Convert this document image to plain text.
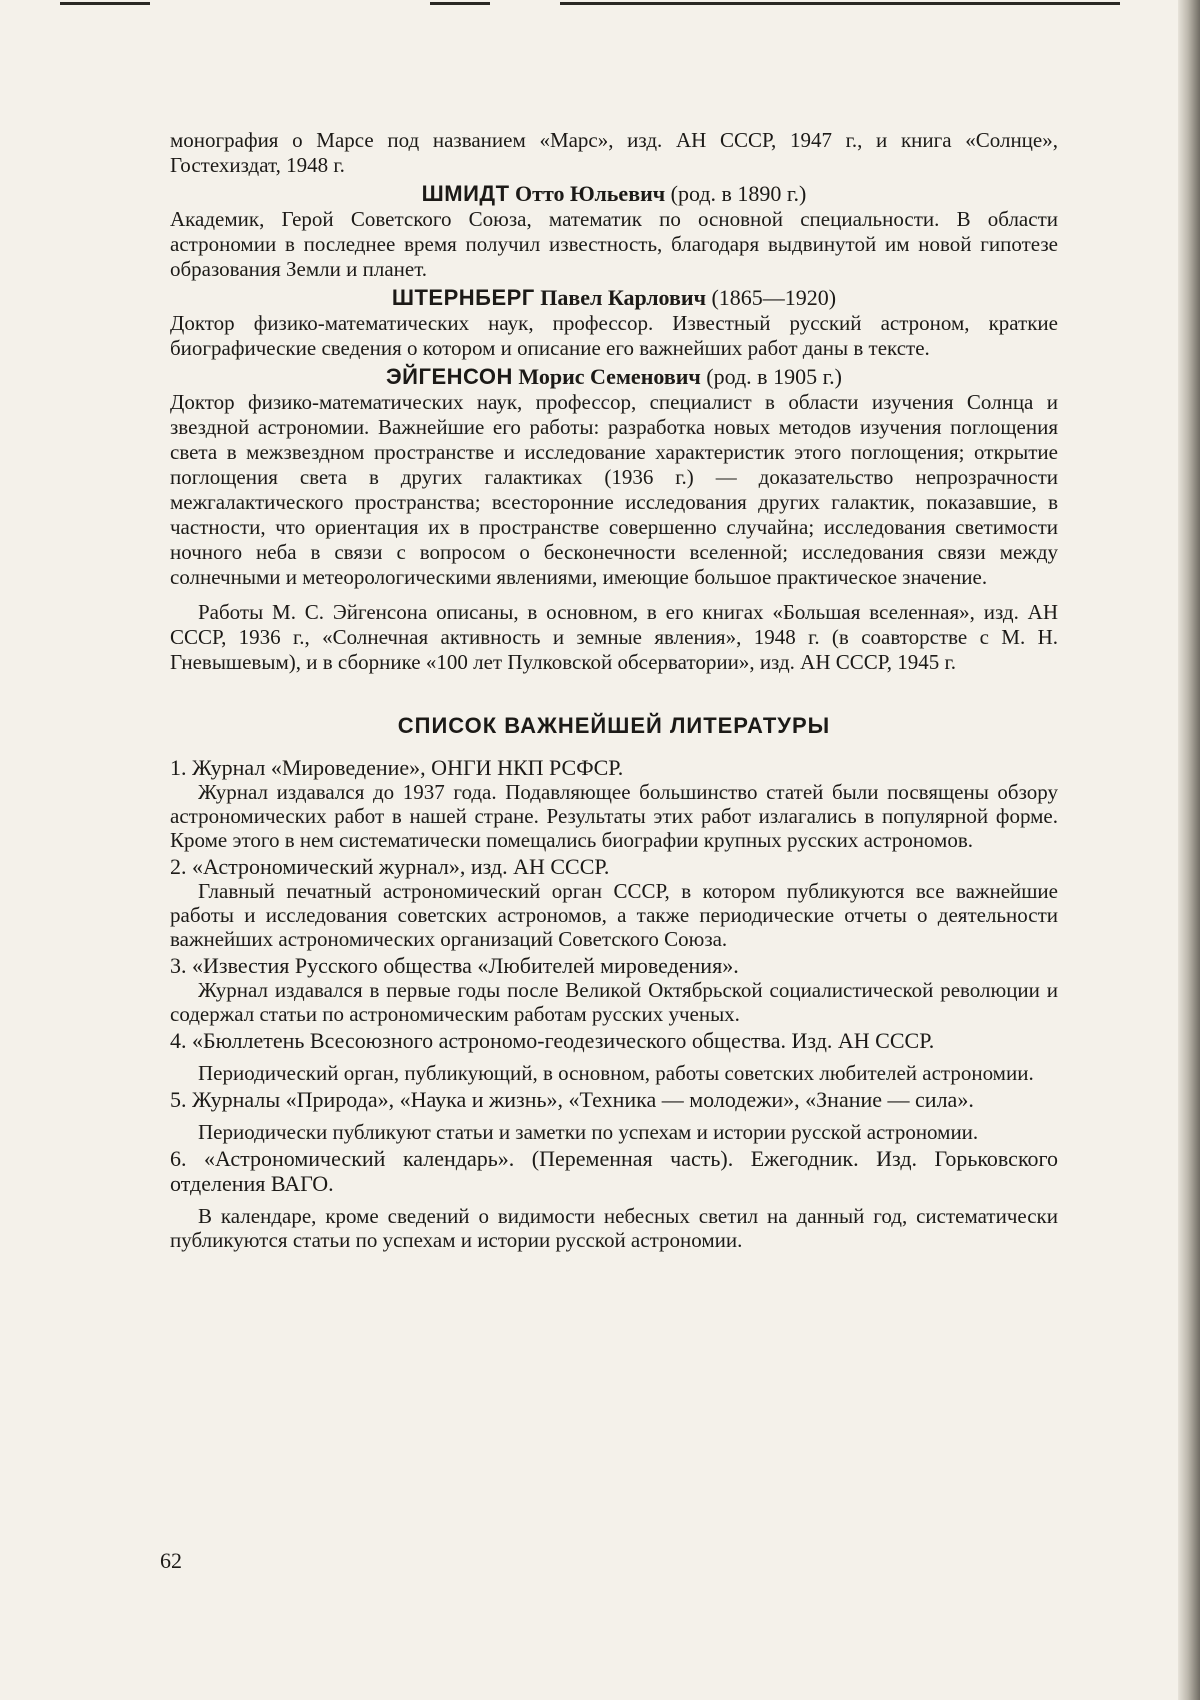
монография о Марсе под названием «Марс», изд. АН СССР, 1947 г., и книга «Солнце», Гостехиздат, 1948 г.

ШМИДТ Отто Юльевич (род. в 1890 г.)

Академик, Герой Советского Союза, математик по основной специальности. В области астрономии в последнее время получил известность, благодаря выдвинутой им новой гипотезе образования Земли и планет.

ШТЕРНБЕРГ Павел Карлович (1865—1920)

Доктор физико-математических наук, профессор. Известный русский астроном, краткие биографические сведения о котором и описание его важнейших работ даны в тексте.

ЭЙГЕНСОН Морис Семенович (род. в 1905 г.)

Доктор физико-математических наук, профессор, специалист в области изучения Солнца и звездной астрономии. Важнейшие его работы: разработка новых методов изучения поглощения света в межзвездном пространстве и исследование характеристик этого поглощения; открытие поглощения света в других галактиках (1936 г.) — доказательство непрозрачности межгалактического пространства; всесторонние исследования других галактик, показавшие, в частности, что ориентация их в пространстве совершенно случайна; исследования светимости ночного неба в связи с вопросом о бесконечности вселенной; исследования связи между солнечными и метеорологическими явлениями, имеющие большое практическое значение.

Работы М. С. Эйгенсона описаны, в основном, в его книгах «Большая вселенная», изд. АН СССР, 1936 г., «Солнечная активность и земные явления», 1948 г. (в соавторстве с М. Н. Гневышевым), и в сборнике «100 лет Пулковской обсерватории», изд. АН СССР, 1945 г.

СПИСОК ВАЖНЕЙШЕЙ ЛИТЕРАТУРЫ

1. Журнал «Мироведение», ОНГИ НКП РСФСР.

Журнал издавался до 1937 года. Подавляющее большинство статей были посвящены обзору астрономических работ в нашей стране. Результаты этих работ излагались в популярной форме. Кроме этого в нем систематически помещались биографии крупных русских астрономов.

2. «Астрономический журнал», изд. АН СССР.

Главный печатный астрономический орган СССР, в котором публикуются все важнейшие работы и исследования советских астрономов, а также периодические отчеты о деятельности важнейших астрономических организаций Советского Союза.

3. «Известия Русского общества «Любителей мироведения».

Журнал издавался в первые годы после Великой Октябрьской социалистической революции и содержал статьи по астрономическим работам русских ученых.

4. «Бюллетень Всесоюзного астрономо-геодезического общества. Изд. АН СССР.

Периодический орган, публикующий, в основном, работы советских любителей астрономии.

5. Журналы «Природа», «Наука и жизнь», «Техника — молодежи», «Знание — сила».

Периодически публикуют статьи и заметки по успехам и истории русской астрономии.

6. «Астрономический календарь». (Переменная часть). Ежегодник. Изд. Горьковского отделения ВАГО.

В календаре, кроме сведений о видимости небесных светил на данный год, систематически публикуются статьи по успехам и истории русской астрономии.

62
